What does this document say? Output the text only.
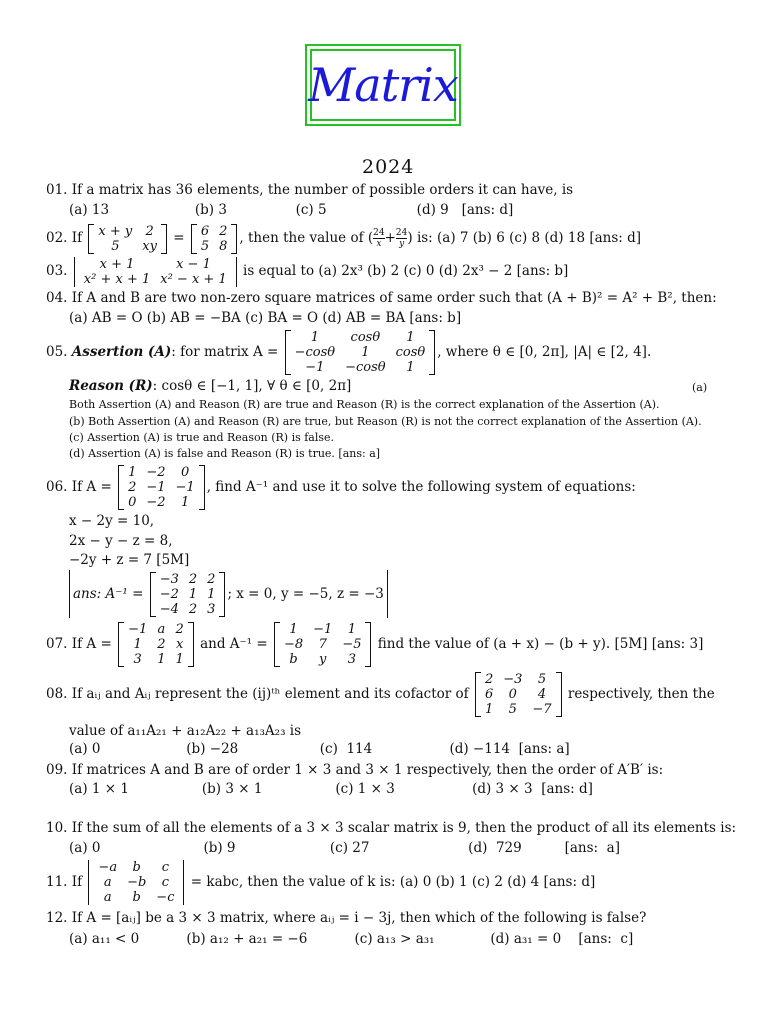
Matrix
2024
01. If a matrix has 36 elements, the number of possible orders it can have, is
(a) 13                    (b) 3                (c) 5                     (d) 9   [ans: d]
02. If x + y	2
5	xy = 6	2
5	8 , then the value of ( $\frac{24}{x} + \frac{24}{y}$ ) is: (a) 7 (b) 6 (c) 8 (d) 18 [ans: d]
03. x + 1	x − 1
x² + x + 1	x² − x + 1 is equal to (a) 2x³ (b) 2 (c) 0 (d) 2x³ − 2 [ans: b]
04. If A and B are two non-zero square matrices of same order such that (A + B)² = A² + B², then:
(a) AB = O (b) AB = −BA (c) BA = O (d) AB = BA [ans: b]
05. Assertion (A): for matrix A =
1	cosθ	1
−cosθ	1	cosθ
−1	−cosθ	1
, where θ ∈ [0, 2π], |A| ∈ [2, 4].
Reason (R): cosθ ∈ [−1, 1], ∀ θ ∈ [0, 2π]	(a)
Both Assertion (A) and Reason (R) are true and Reason (R) is the correct explanation of the Assertion (A).
(b) Both Assertion (A) and Reason (R) are true, but Reason (R) is not the correct explanation of the Assertion (A).
(c) Assertion (A) is true and Reason (R) is false.
(d) Assertion (A) is false and Reason (R) is true. [ans: a]
06. If A =
1	−2	0
2	−1	−1
0	−2	1
, find A⁻¹ and use it to solve the following system of equations:
x − 2y = 10,
2x − y − z = 8,
−2y + z = 7 [5M]
ans: A⁻¹ =
−3	2	2
−2	1	1
−4	2	3
; x = 0, y = −5, z = −3
07. If A =
−1	a	2
1	2	x
3	1	1
and A⁻¹ =
1	−1	1
−8	7	−5
b	y	3
find the value of (a + x) − (b + y). [5M] [ans: 3]
08. If aᵢⱼ and Aᵢⱼ represent the (ij)ᵗʰ element and its cofactor of
2	−3	5
6	0	4
1	5	−7
respectively, then the
value of a₁₁A₂₁ + a₁₂A₂₂ + a₁₃A₂₃ is
(a) 0                    (b) −28                   (c)  114                  (d) −114  [ans: a]
09. If matrices A and B are of order 1 × 3 and 3 × 1 respectively, then the order of A′B′ is:
(a) 1 × 1                 (b) 3 × 1                 (c) 1 × 3                  (d) 3 × 3  [ans: d]
10. If the sum of all the elements of a 3 × 3 scalar matrix is 9, then the product of all its elements is:
(a) 0                        (b) 9                      (c) 27                       (d)  729          [ans:  a]
11. If
−a	b	c
a	−b	c
a	b	−c
= kabc, then the value of k is: (a) 0 (b) 1 (c) 2 (d) 4 [ans: d]
12. If A = [aᵢⱼ] be a 3 × 3 matrix, where aᵢⱼ = i − 3j, then which of the following is false?
(a) a₁₁ < 0           (b) a₁₂ + a₂₁ = −6           (c) a₁₃ > a₃₁             (d) a₃₁ = 0    [ans:  c]
